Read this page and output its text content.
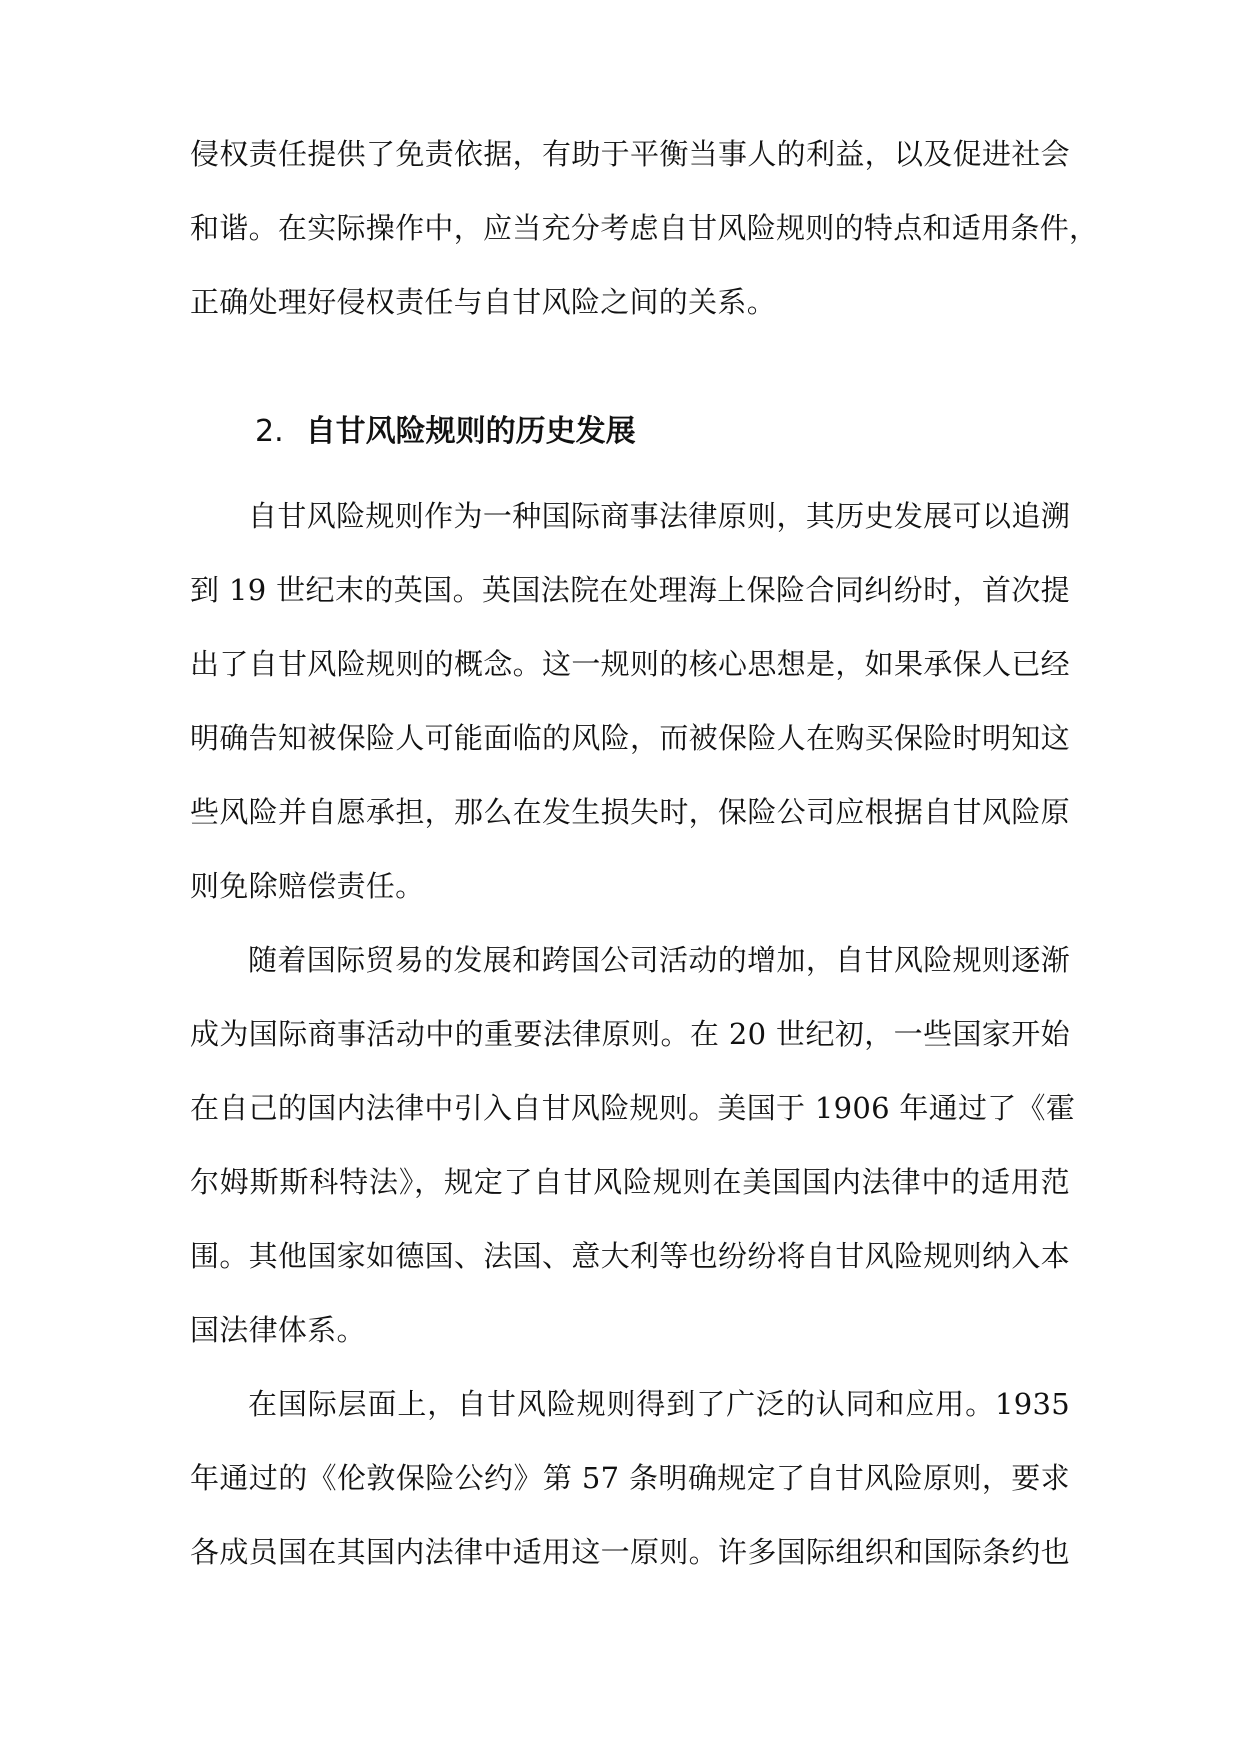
侵权责任提供了免责依据，有助于平衡当事人的利益，以及促进社会
和谐。在实际操作中，应当充分考虑自甘风险规则的特点和适用条件，
正确处理好侵权责任与自甘风险之间的关系。
2. 自甘风险规则的历史发展
自甘风险规则作为一种国际商事法律原则，其历史发展可以追溯
到 19 世纪末的英国。英国法院在处理海上保险合同纠纷时，首次提
出了自甘风险规则的概念。这一规则的核心思想是，如果承保人已经
明确告知被保险人可能面临的风险，而被保险人在购买保险时明知这
些风险并自愿承担，那么在发生损失时，保险公司应根据自甘风险原
则免除赔偿责任。
随着国际贸易的发展和跨国公司活动的增加，自甘风险规则逐渐
成为国际商事活动中的重要法律原则。在 20 世纪初，一些国家开始
在自己的国内法律中引入自甘风险规则。美国于 1906 年通过了《霍
尔姆斯斯科特法》，规定了自甘风险规则在美国国内法律中的适用范
围。其他国家如德国、法国、意大利等也纷纷将自甘风险规则纳入本
国法律体系。
在国际层面上，自甘风险规则得到了广泛的认同和应用。1935
年通过的《伦敦保险公约》第 57 条明确规定了自甘风险原则，要求
各成员国在其国内法律中适用这一原则。许多国际组织和国际条约也
